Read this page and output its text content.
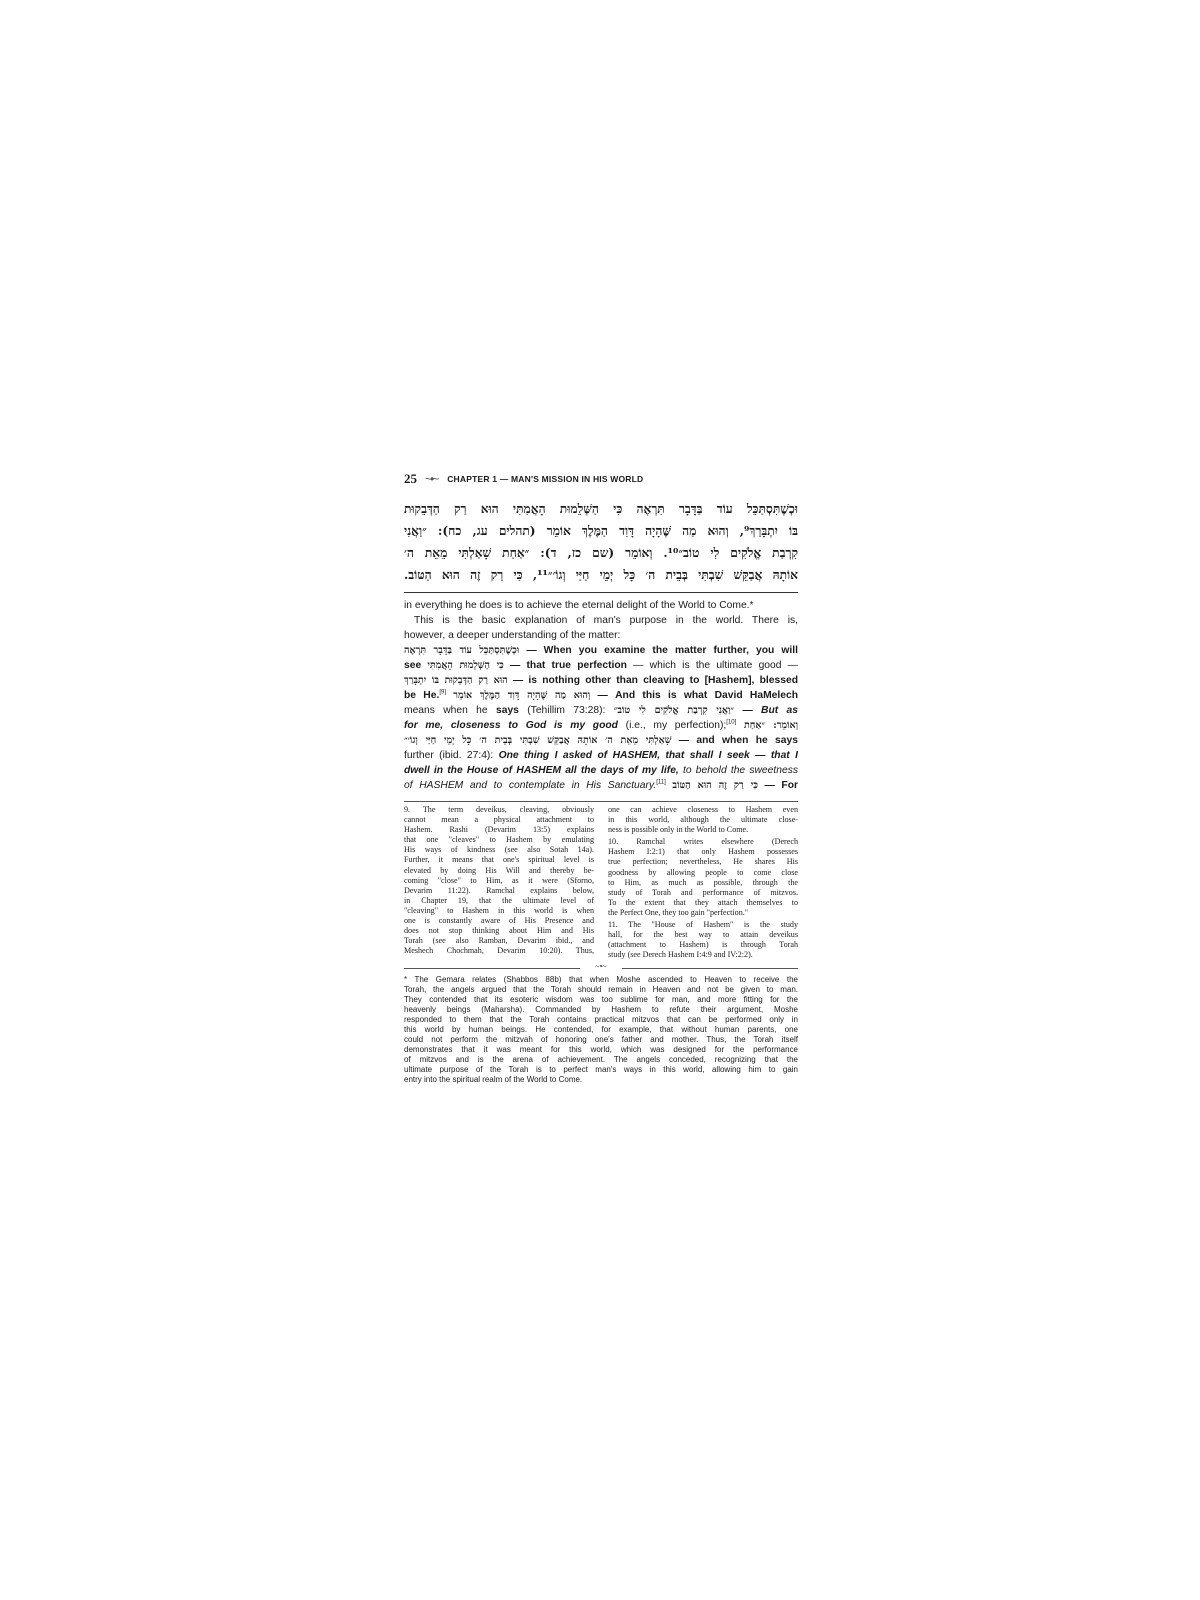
25 ~•~ CHAPTER 1 — MAN'S MISSION IN HIS WORLD
וּכְשֶׁתִּסְתַּכֵּל עוֹד בַּדָּבָר תִּרְאֶה כִּי הַשְּׁלֵמוּת הָאֲמִתִּי הוּא רַק הַדְּבֵקוּת
בּוֹ יִתְבָּרַךְ⁹, וְהוּא מַה שֶּׁהָיָה דָּוִד הַמֶּלֶךְ אוֹמֵר (תהלים עג, כח): ״וַאֲנִי
קִרְבַת אֱלֹקִים לִי טוֹב״¹⁰. וְאוֹמֵר (שם כז, ד): ״אַחַת שָׁאַלְתִּי מֵאֵת ה׳
אוֹתָהּ אֲבַקֵּשׁ שִׁבְתִּי בְּבֵית ה׳ כָּל יְמֵי חַיַּי וְגוֹ׳״¹¹, כִּי רַק זֶה הוּא הַטּוֹב.
in everything he does is to achieve the eternal delight of the World to Come.*
This is the basic explanation of man's purpose in the world. There is,
however, a deeper understanding of the matter:
וּכְשֶׁתִּסְתַּכֵּל עוֹד בַּדָּבָר תִּרְאֶה — When you examine the matter further, you will
see כִּי הַשְּׁלֵמוּת הָאֲמִתִּי — that true perfection — which is the ultimate good —
הוּא רַק הַדְּבֵקוּת בּוֹ יִתְבָּרַךְ — is nothing other than cleaving to [Hashem], blessed
be He.[9] וְהוּא מַה שֶּׁהָיָה דָּוִד הַמֶּלֶךְ אוֹמֵר — And this is what David HaMelech
means when he says (Tehillim 73:28): ״וַאֲנִי קִרְבַת אֱלֹקִים לִי טוֹב״ — But as
for me, closeness to God is my good (i.e., my perfection);[10] וְאוֹמֵר: ״אַחַת
שָׁאַלְתִּי מֵאֵת ה׳ אוֹתָהּ אֲבַקֵּשׁ שִׁבְתִּי בְּבֵית ה׳ כָּל יְמֵי חַיַּי וְגוֹ׳״ — and when he says
further (ibid. 27:4): One thing I asked of HASHEM, that shall I seek — that I
dwell in the House of HASHEM all the days of my life, to behold the sweetness
of HASHEM and to contemplate in His Sanctuary.[11] כִּי רַק זֶה הוּא הַטּוֹב — For
9. The term deveikus, cleaving, obviously
cannot mean a physical attachment to
Hashem. Rashi (Devarim 13:5) explains
that one "cleaves" to Hashem by emulating
His ways of kindness (see also Sotah 14a).
Further, it means that one's spiritual level is
elevated by doing His Will and thereby be-
coming "close" to Him, as it were (Sforno,
Devarim 11:22). Ramchal explains below,
in Chapter 19, that the ultimate level of
"cleaving" to Hashem in this world is when
one is constantly aware of His Presence and
does not stop thinking about Him and His
Torah (see also Ramban, Devarim ibid., and
Meshech Chochmah, Devarim 10:20). Thus,
one can achieve closeness to Hashem even
in this world, although the ultimate close-
ness is possible only in the World to Come.
10. Ramchal writes elsewhere (Derech
Hashem I:2:1) that only Hashem possesses
true perfection; nevertheless, He shares His
goodness by allowing people to come close
to Him, as much as possible, through the
study of Torah and performance of mitzvos.
To the extent that they attach themselves to
the Perfect One, they too gain "perfection."
11. The "House of Hashem" is the study
hall, for the best way to attain deveikus
(attachment to Hashem) is through Torah
study (see Derech Hashem I:4:9 and IV:2:2).
~•~
* The Gemara relates (Shabbos 88b) that when Moshe ascended to Heaven to receive the
Torah, the angels argued that the Torah should remain in Heaven and not be given to man.
They contended that its esoteric wisdom was too sublime for man, and more fitting for the
heavenly beings (Maharsha). Commanded by Hashem to refute their argument, Moshe
responded to them that the Torah contains practical mitzvos that can be performed only in
this world by human beings. He contended, for example, that without human parents, one
could not perform the mitzvah of honoring one's father and mother. Thus, the Torah itself
demonstrates that it was meant for this world, which was designed for the performance
of mitzvos and is the arena of achievement. The angels conceded, recognizing that the
ultimate purpose of the Torah is to perfect man's ways in this world, allowing him to gain
entry into the spiritual realm of the World to Come.
